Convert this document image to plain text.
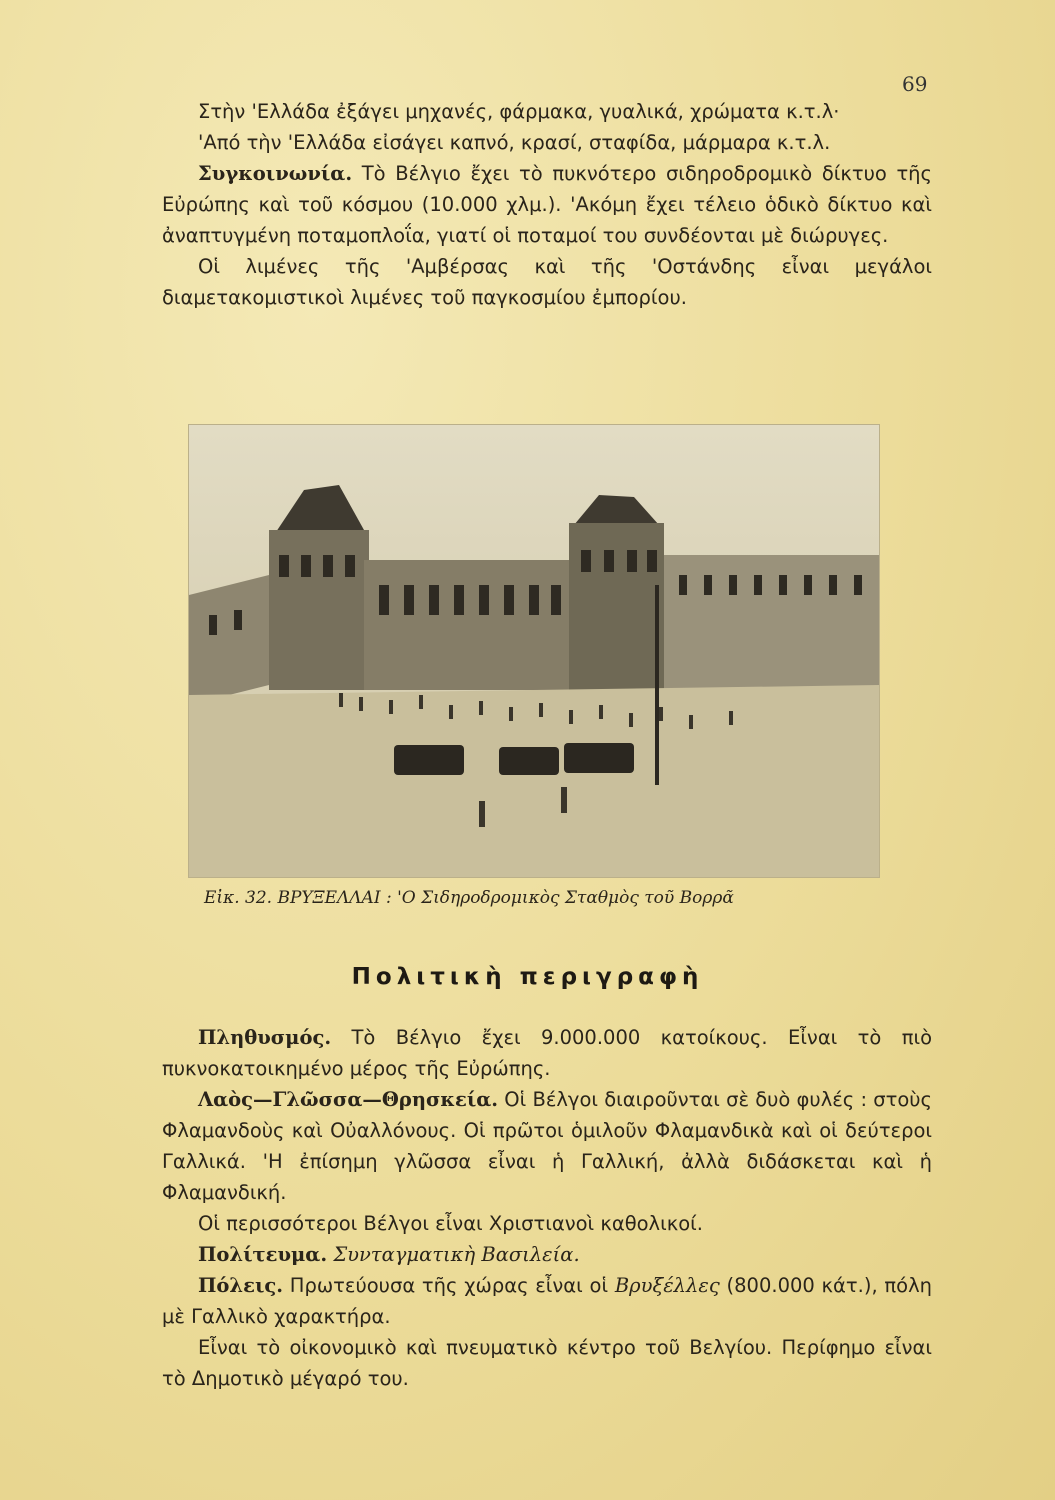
69

Στὴν 'Ελλάδα ἐξάγει μηχανές, φάρμακα, γυαλικά, χρώματα κ.τ.λ·

'Από τὴν 'Ελλάδα εἰσάγει καπνό, κρασί, σταφίδα, μάρμαρα κ.τ.λ.

Συγκοινωνία. Τὸ Βέλγιο ἔχει τὸ πυκνότερο σιδηροδρομικὸ δίκτυο τῆς Εὐρώπης καὶ τοῦ κόσμου (10.000 χλμ.). 'Ακόμη ἔχει τέλειο ὁδικὸ δίκτυο καὶ ἀναπτυγμένη ποταμοπλοΐα, γιατί οἱ ποταμοί του συνδέονται μὲ διώρυγες.

Οἱ λιμένες τῆς 'Αμβέρσας καὶ τῆς 'Οστάνδης εἶναι μεγάλοι διαμετακομιστικοὶ λιμένες τοῦ παγκοσμίου ἐμπορίου.

Εἰκ. 32. ΒΡΥΞΕΛΛΑΙ : 'Ο Σιδηροδρομικὸς Σταθμὸς τοῦ Βορρᾶ
Πολιτικὴ περιγραφὴ

Πληθυσμός. Τὸ Βέλγιο ἔχει 9.000.000 κατοίκους. Εἶναι τὸ πιὸ πυκνοκατοικημένο μέρος τῆς Εὐρώπης.

Λαὸς—Γλῶσσα—Θρησκεία. Οἱ Βέλγοι διαιροῦνται σὲ δυὸ φυλές : στοὺς Φλαμανδοὺς καὶ Οὐαλλόνους. Οἱ πρῶτοι ὁμιλοῦν Φλαμανδικὰ καὶ οἱ δεύτεροι Γαλλικά. 'Η ἐπίσημη γλῶσσα εἶναι ἡ Γαλλική, ἀλλὰ διδάσκεται καὶ ἡ Φλαμανδική.

Οἱ περισσότεροι Βέλγοι εἶναι Χριστιανοὶ καθολικοί.

Πολίτευμα. Συνταγματικὴ Βασιλεία.

Πόλεις. Πρωτεύουσα τῆς χώρας εἶναι οἱ Βρυξέλλες (800.000 κάτ.), πόλη μὲ Γαλλικὸ χαρακτήρα.

Εἶναι τὸ οἰκονομικὸ καὶ πνευματικὸ κέντρο τοῦ Βελγίου. Περίφημο εἶναι τὸ Δημοτικὸ μέγαρό του.
